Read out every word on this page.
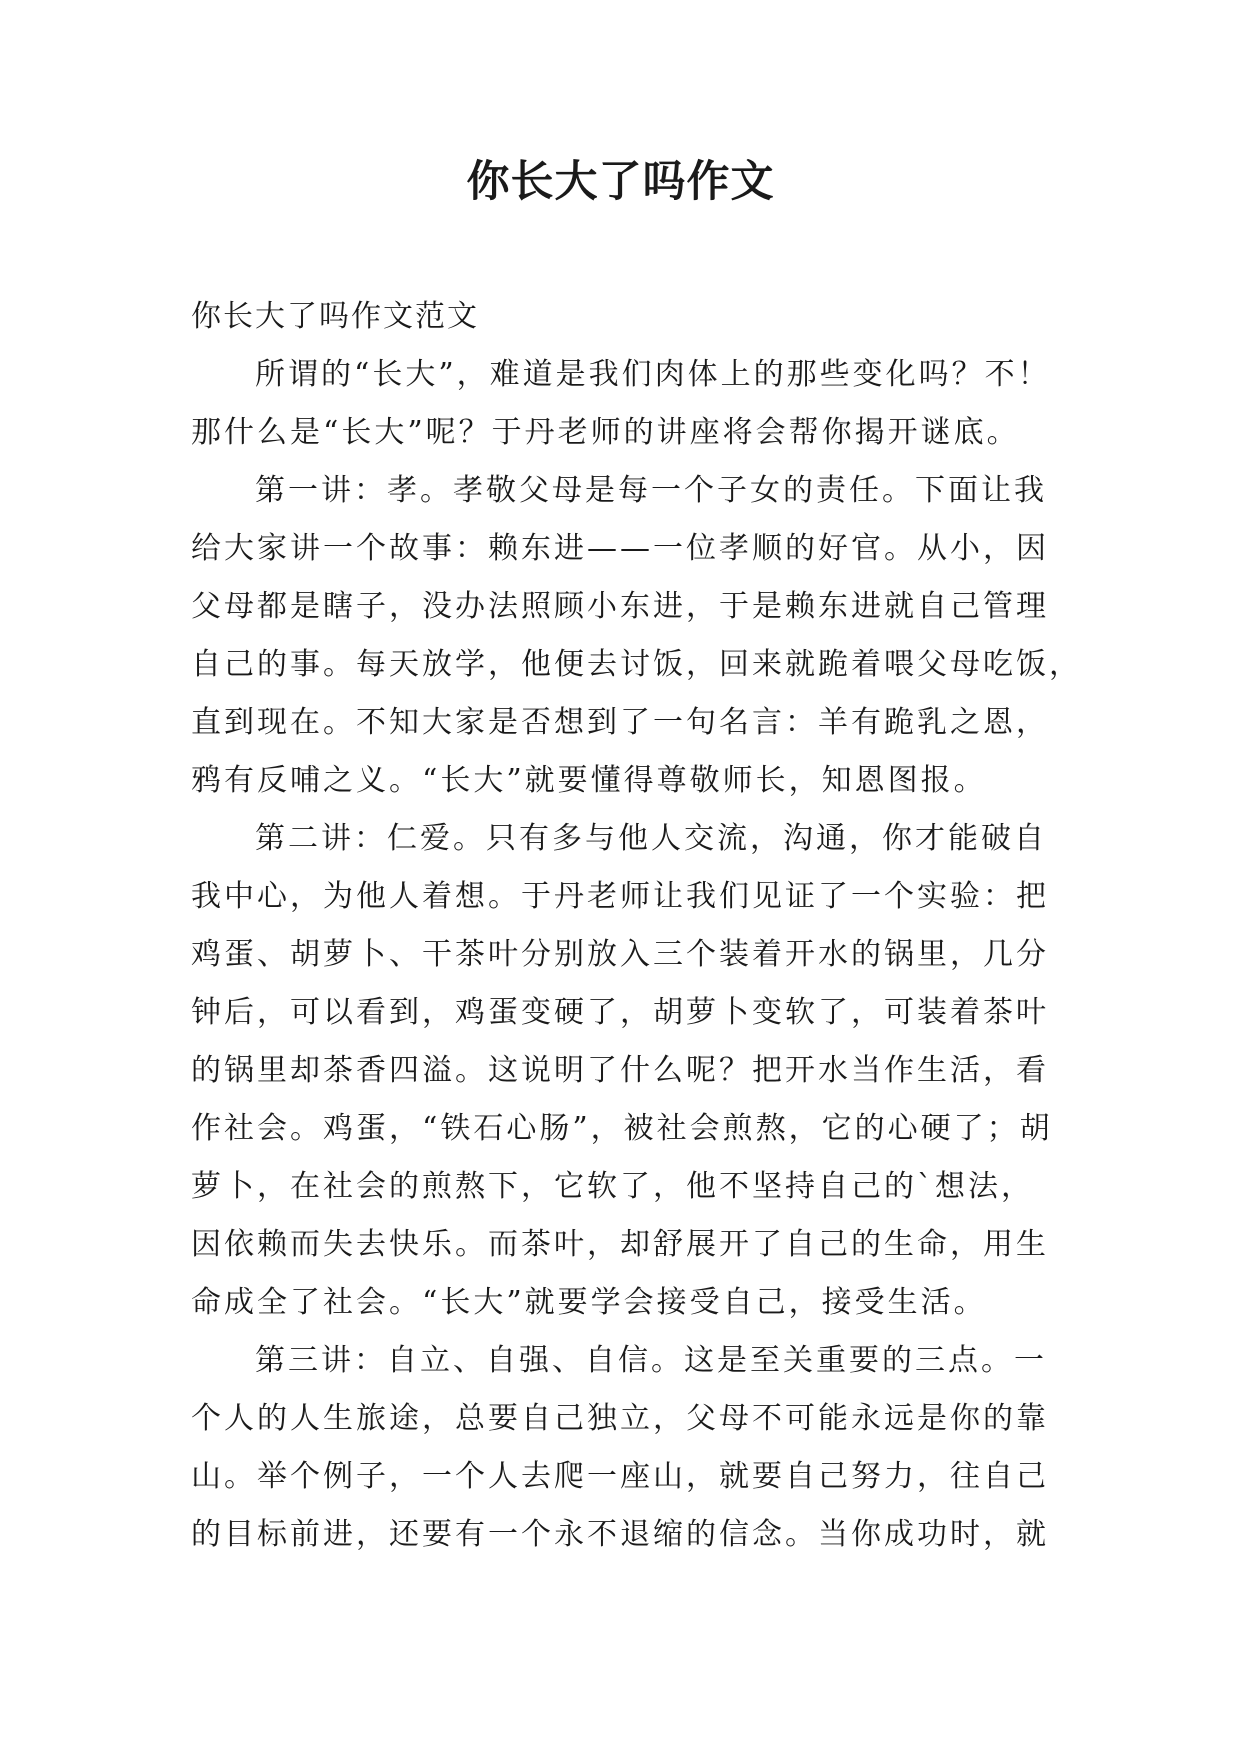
你长大了吗作文
你长大了吗作文范文
所谓的“长大”，难道是我们肉体上的那些变化吗？不！
那什么是“长大”呢？于丹老师的讲座将会帮你揭开谜底。
第一讲：孝。孝敬父母是每一个子女的责任。下面让我
给大家讲一个故事：赖东进——一位孝顺的好官。从小，因
父母都是瞎子，没办法照顾小东进，于是赖东进就自己管理
自己的事。每天放学，他便去讨饭，回来就跪着喂父母吃饭，
直到现在。不知大家是否想到了一句名言：羊有跪乳之恩，
鸦有反哺之义。“长大”就要懂得尊敬师长，知恩图报。
第二讲：仁爱。只有多与他人交流，沟通，你才能破自
我中心，为他人着想。于丹老师让我们见证了一个实验：把
鸡蛋、胡萝卜、干茶叶分别放入三个装着开水的锅里，几分
钟后，可以看到，鸡蛋变硬了，胡萝卜变软了，可装着茶叶
的锅里却茶香四溢。这说明了什么呢？把开水当作生活，看
作社会。鸡蛋，“铁石心肠”，被社会煎熬，它的心硬了；胡
萝卜，在社会的煎熬下，它软了，他不坚持自己的`想法，
因依赖而失去快乐。而茶叶，却舒展开了自己的生命，用生
命成全了社会。“长大”就要学会接受自己，接受生活。
第三讲：自立、自强、自信。这是至关重要的三点。一
个人的人生旅途，总要自己独立，父母不可能永远是你的靠
山。举个例子，一个人去爬一座山，就要自己努力，往自己
的目标前进，还要有一个永不退缩的信念。当你成功时，就
